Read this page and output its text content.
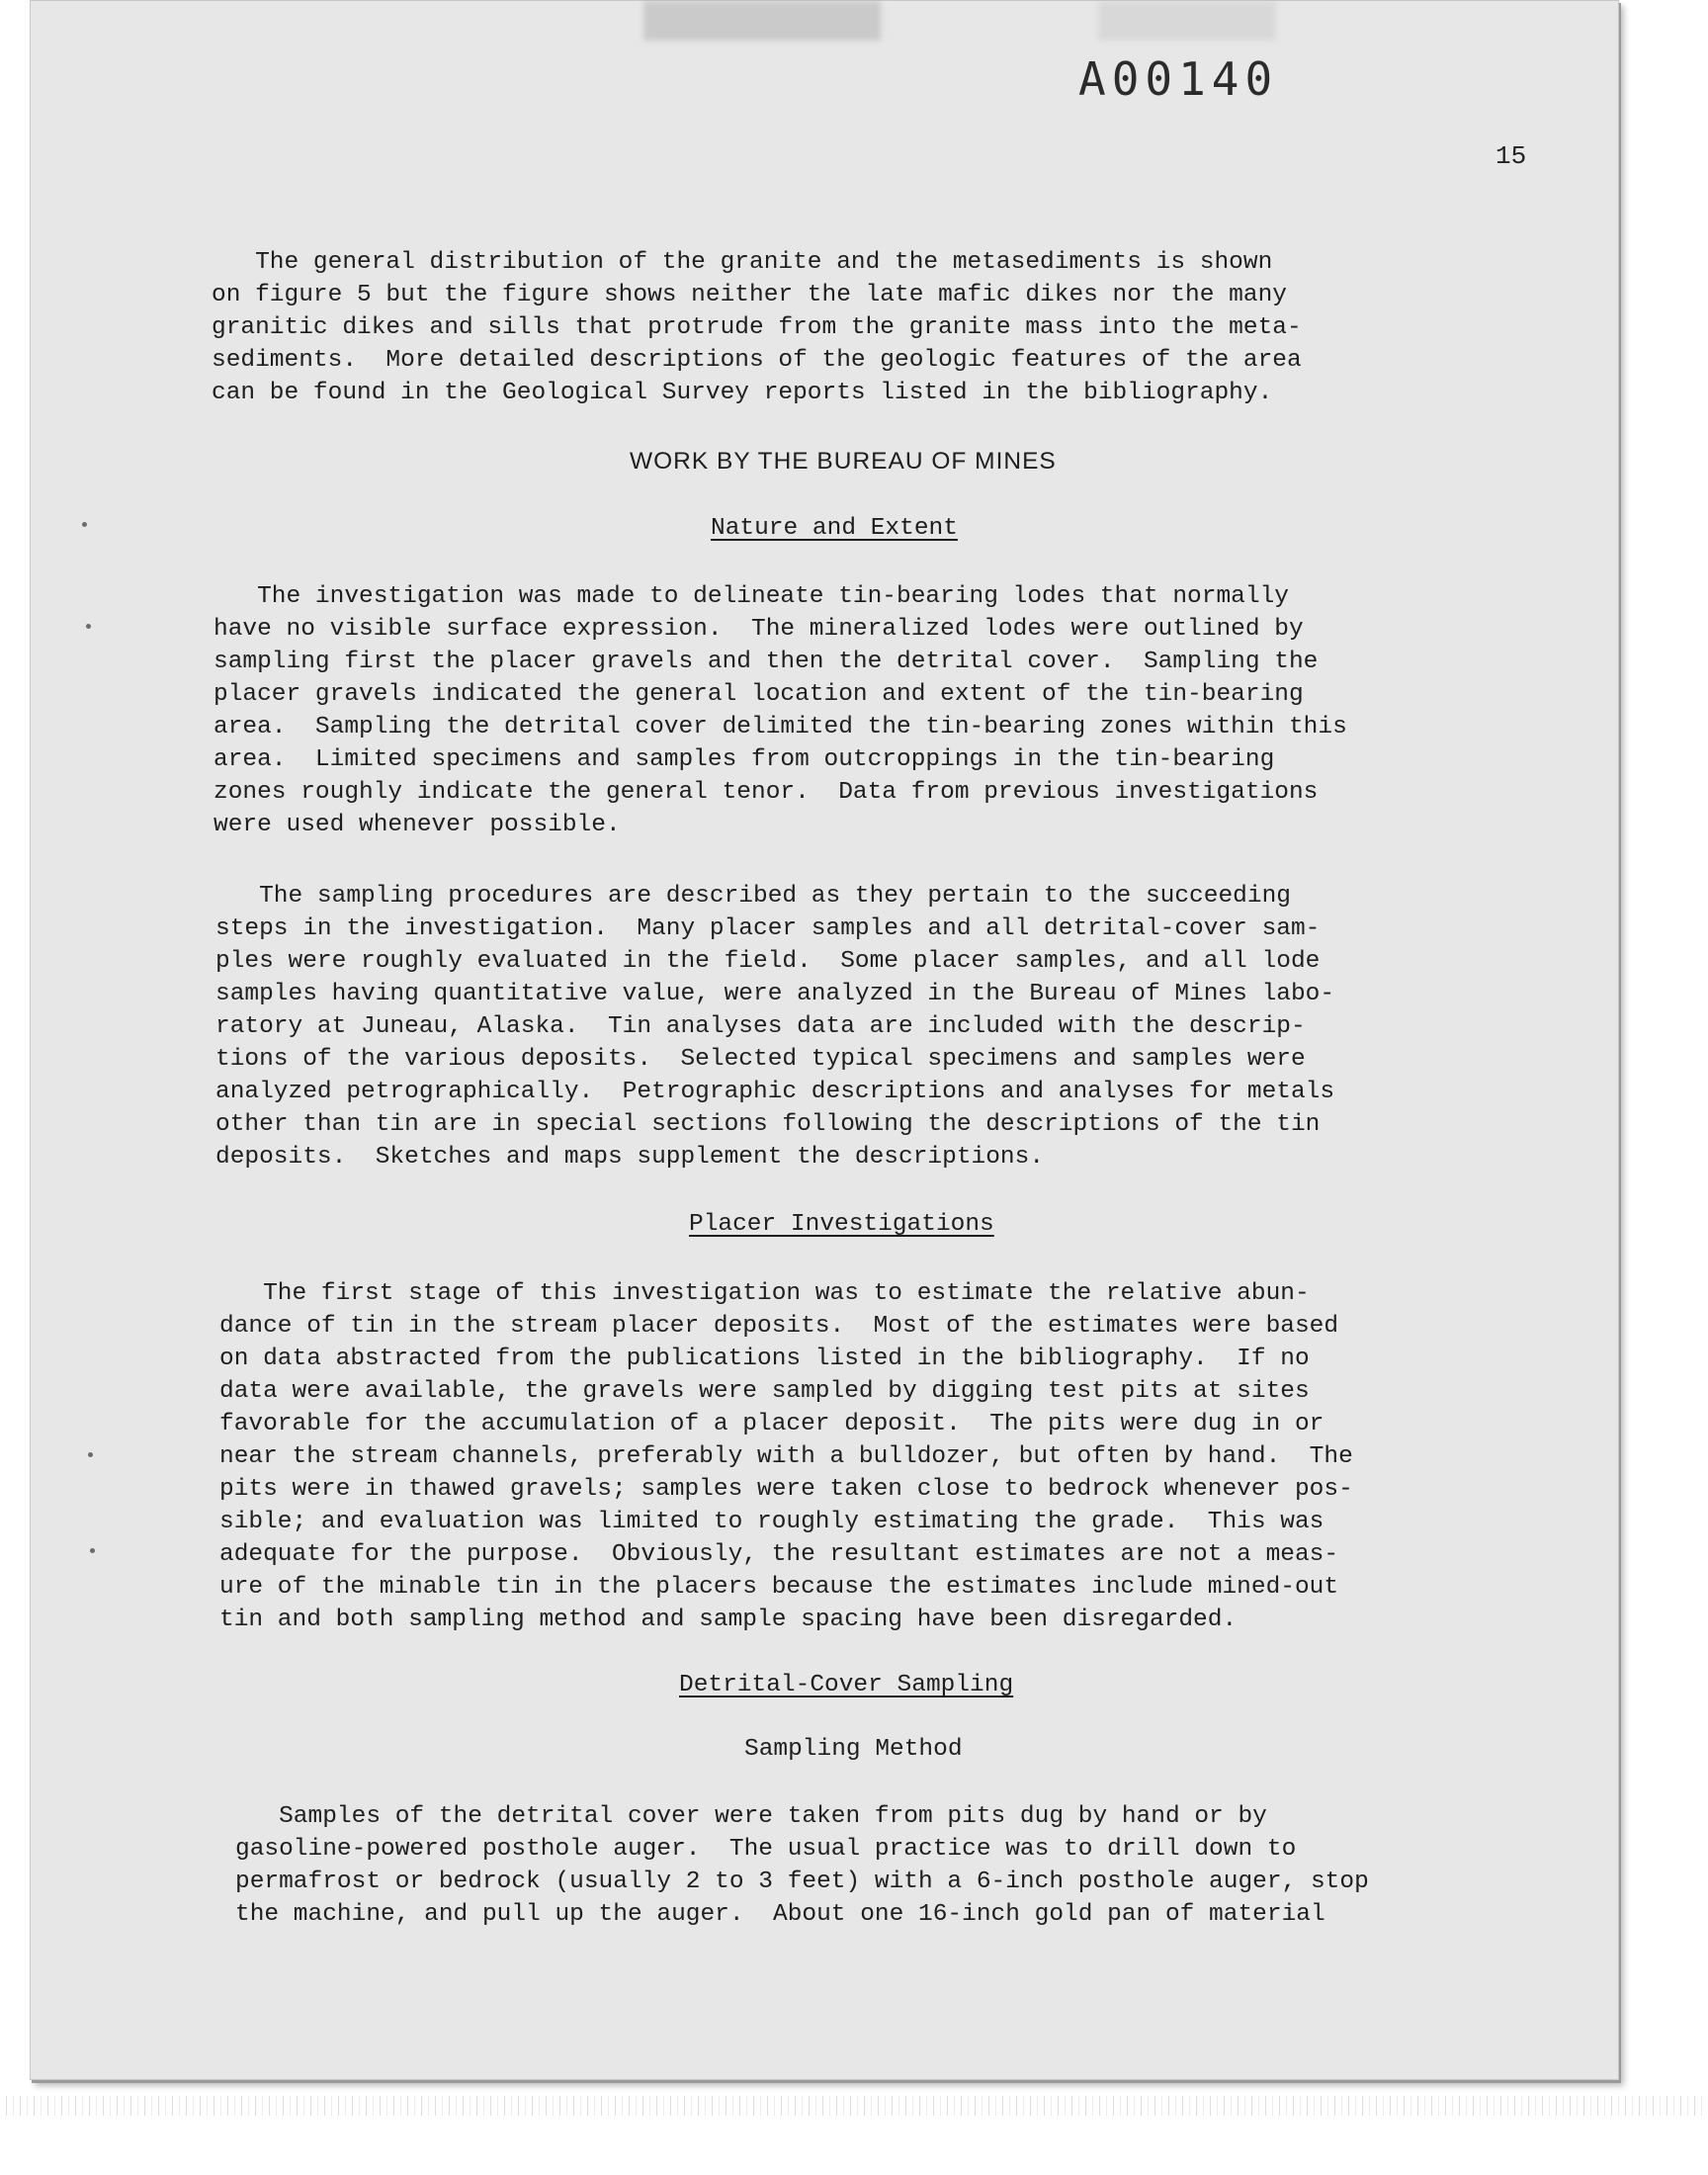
A00140
15

The general distribution of the granite and the metasediments is shown
on figure 5 but the figure shows neither the late mafic dikes nor the many
granitic dikes and sills that protrude from the granite mass into the meta-
sediments.  More detailed descriptions of the geologic features of the area
can be found in the Geological Survey reports listed in the bibliography.

WORK BY THE BUREAU OF MINES
Nature and Extent

The investigation was made to delineate tin-bearing lodes that normally
have no visible surface expression.  The mineralized lodes were outlined by
sampling first the placer gravels and then the detrital cover.  Sampling the
placer gravels indicated the general location and extent of the tin-bearing
area.  Sampling the detrital cover delimited the tin-bearing zones within this
area.  Limited specimens and samples from outcroppings in the tin-bearing
zones roughly indicate the general tenor.  Data from previous investigations
were used whenever possible.

The sampling procedures are described as they pertain to the succeeding
steps in the investigation.  Many placer samples and all detrital-cover sam-
ples were roughly evaluated in the field.  Some placer samples, and all lode
samples having quantitative value, were analyzed in the Bureau of Mines labo-
ratory at Juneau, Alaska.  Tin analyses data are included with the descrip-
tions of the various deposits.  Selected typical specimens and samples were
analyzed petrographically.  Petrographic descriptions and analyses for metals
other than tin are in special sections following the descriptions of the tin
deposits.  Sketches and maps supplement the descriptions.

Placer Investigations

The first stage of this investigation was to estimate the relative abun-
dance of tin in the stream placer deposits.  Most of the estimates were based
on data abstracted from the publications listed in the bibliography.  If no
data were available, the gravels were sampled by digging test pits at sites
favorable for the accumulation of a placer deposit.  The pits were dug in or
near the stream channels, preferably with a bulldozer, but often by hand.  The
pits were in thawed gravels; samples were taken close to bedrock whenever pos-
sible; and evaluation was limited to roughly estimating the grade.  This was
adequate for the purpose.  Obviously, the resultant estimates are not a meas-
ure of the minable tin in the placers because the estimates include mined-out
tin and both sampling method and sample spacing have been disregarded.

Detrital-Cover Sampling
Sampling Method

Samples of the detrital cover were taken from pits dug by hand or by
gasoline-powered posthole auger.  The usual practice was to drill down to
permafrost or bedrock (usually 2 to 3 feet) with a 6-inch posthole auger, stop
the machine, and pull up the auger.  About one 16-inch gold pan of material
